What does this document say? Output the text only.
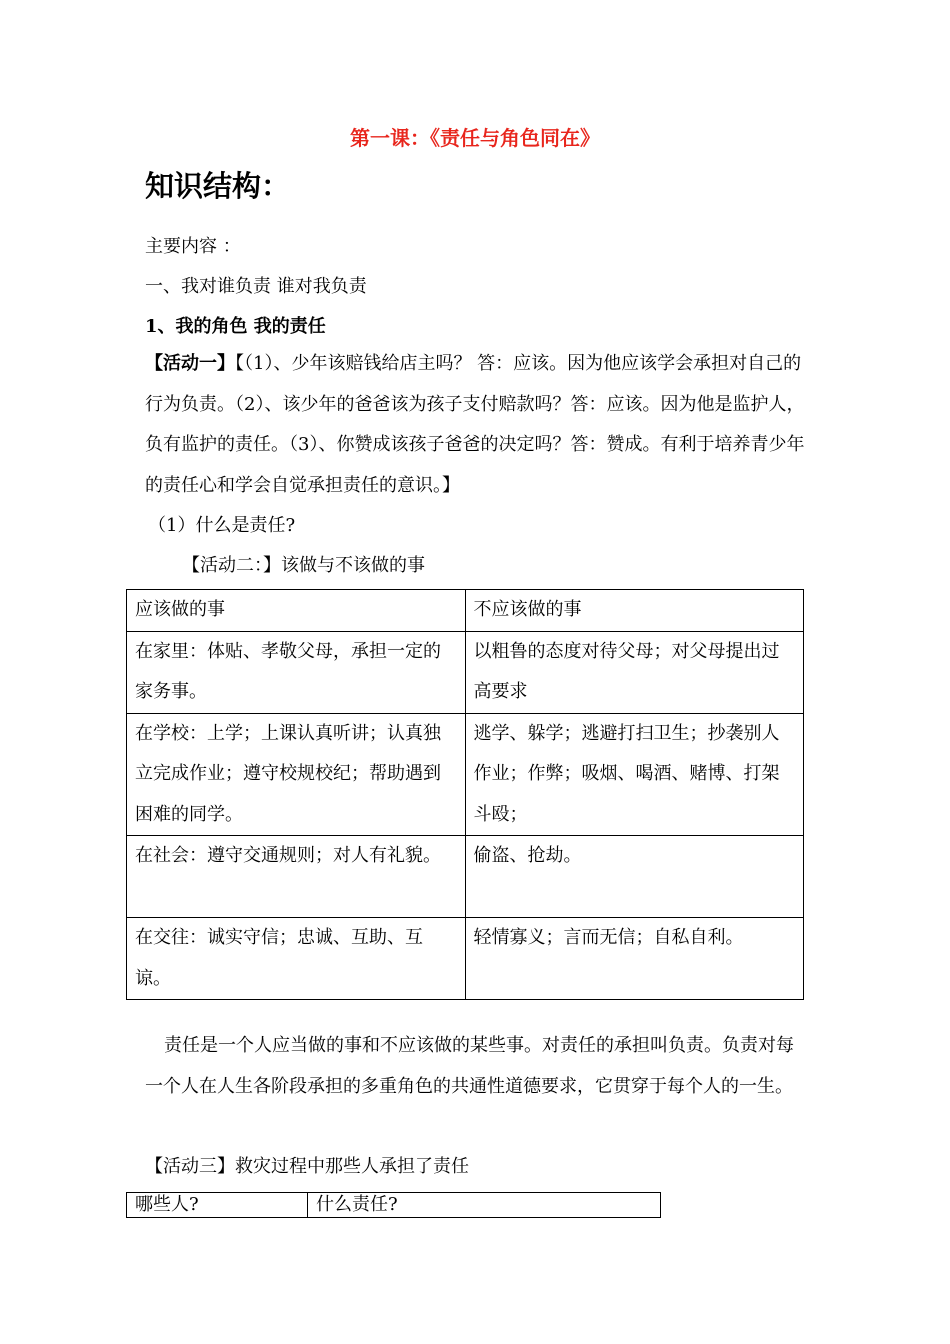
第一课：《责任与角色同在》
知识结构：
主要内容 ：
一、我对谁负责 谁对我负责
1、我的角色 我的责任
【活动一】【（1）、少年该赔钱给店主吗？ 答：应该。因为他应该学会承担对自己的行为负责。（2）、该少年的爸爸该为孩子支付赔款吗？答：应该。因为他是监护人，负有监护的责任。（3）、你赞成该孩子爸爸的决定吗？答：赞成。有利于培养青少年的责任心和学会自觉承担责任的意识。】
（1）什么是责任?
【活动二：】该做与不该做的事
应该做的事	不应该做的事
在家里：体贴、孝敬父母，承担一定的家务事。	以粗鲁的态度对待父母；对父母提出过高要求
在学校：上学；上课认真听讲；认真独立完成作业；遵守校规校纪；帮助遇到困难的同学。	逃学、躲学；逃避打扫卫生；抄袭别人作业；作弊；吸烟、喝酒、赌博、打架斗殴；
在社会：遵守交通规则；对人有礼貌。	偷盗、抢劫。
在交往：诚实守信；忠诚、互助、互谅。	轻情寡义；言而无信；自私自利。
责任是一个人应当做的事和不应该做的某些事。对责任的承担叫负责。负责对每一个人在人生各阶段承担的多重角色的共通性道德要求，它贯穿于每个人的一生。
【活动三】救灾过程中那些人承担了责任
哪些人?	什么责任?
